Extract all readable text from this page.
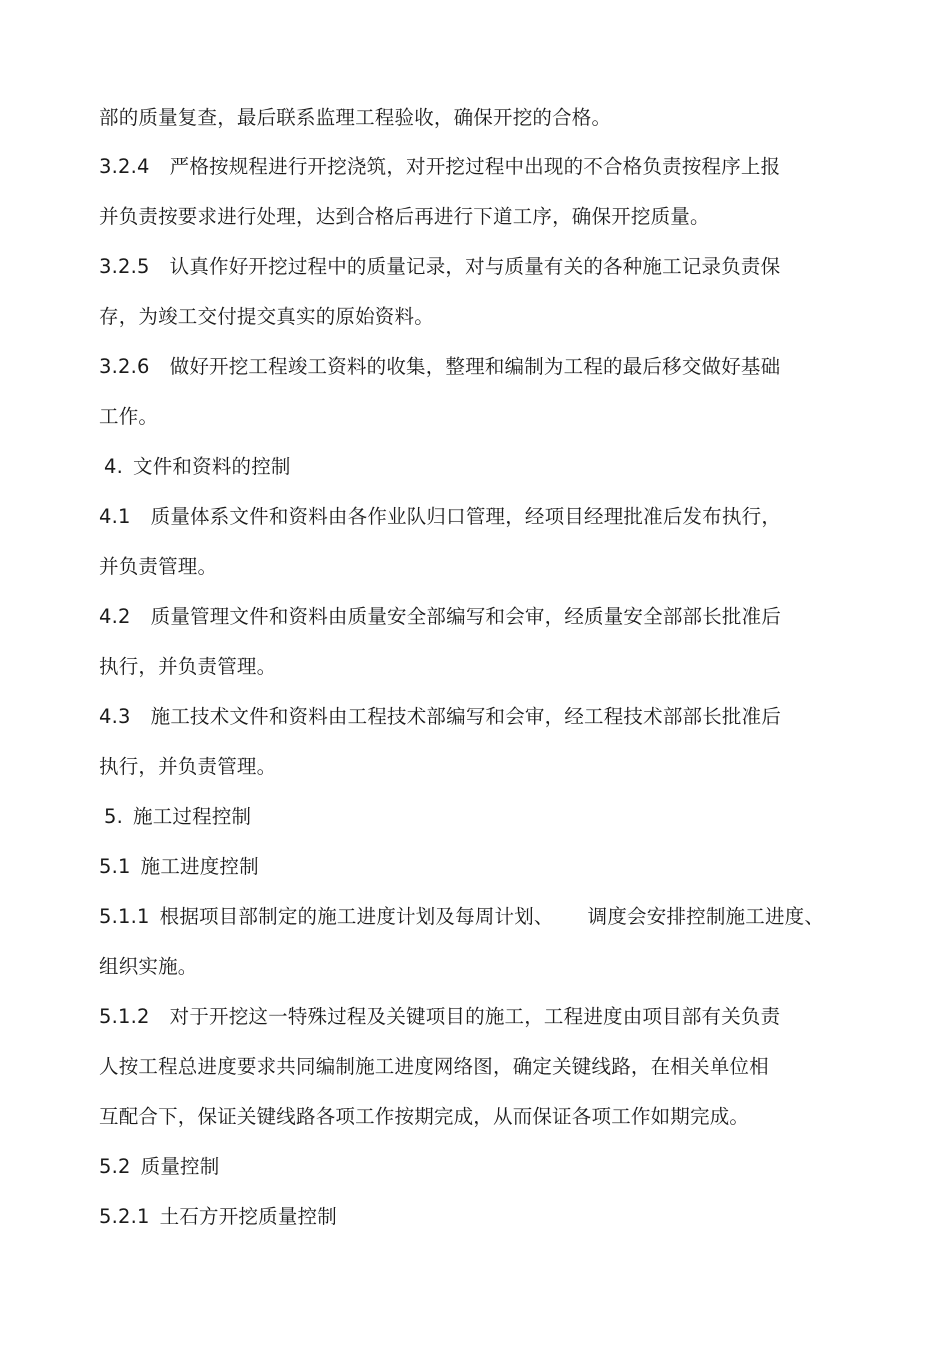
部的质量复查，最后联系监理工程验收，确保开挖的合格。
3.2.4 严格按规程进行开挖浇筑，对开挖过程中出现的不合格负责按程序上报
并负责按要求进行处理，达到合格后再进行下道工序，确保开挖质量。
3.2.5 认真作好开挖过程中的质量记录，对与质量有关的各种施工记录负责保
存，为竣工交付提交真实的原始资料。
3.2.6 做好开挖工程竣工资料的收集，整理和编制为工程的最后移交做好基础
工作。
4. 文件和资料的控制
4.1 质量体系文件和资料由各作业队归口管理，经项目经理批准后发布执行，
并负责管理。
4.2 质量管理文件和资料由质量安全部编写和会审，经质量安全部部长批准后
执行，并负责管理。
4.3 施工技术文件和资料由工程技术部编写和会审，经工程技术部部长批准后
执行，并负责管理。
5. 施工过程控制
5.1 施工进度控制
5.1.1 根据项目部制定的施工进度计划及每周计划、 调度会安排控制施工进度、
组织实施。
5.1.2 对于开挖这一特殊过程及关键项目的施工，工程进度由项目部有关负责
人按工程总进度要求共同编制施工进度网络图，确定关键线路，在相关单位相
互配合下，保证关键线路各项工作按期完成，从而保证各项工作如期完成。
5.2 质量控制
5.2.1 土石方开挖质量控制
